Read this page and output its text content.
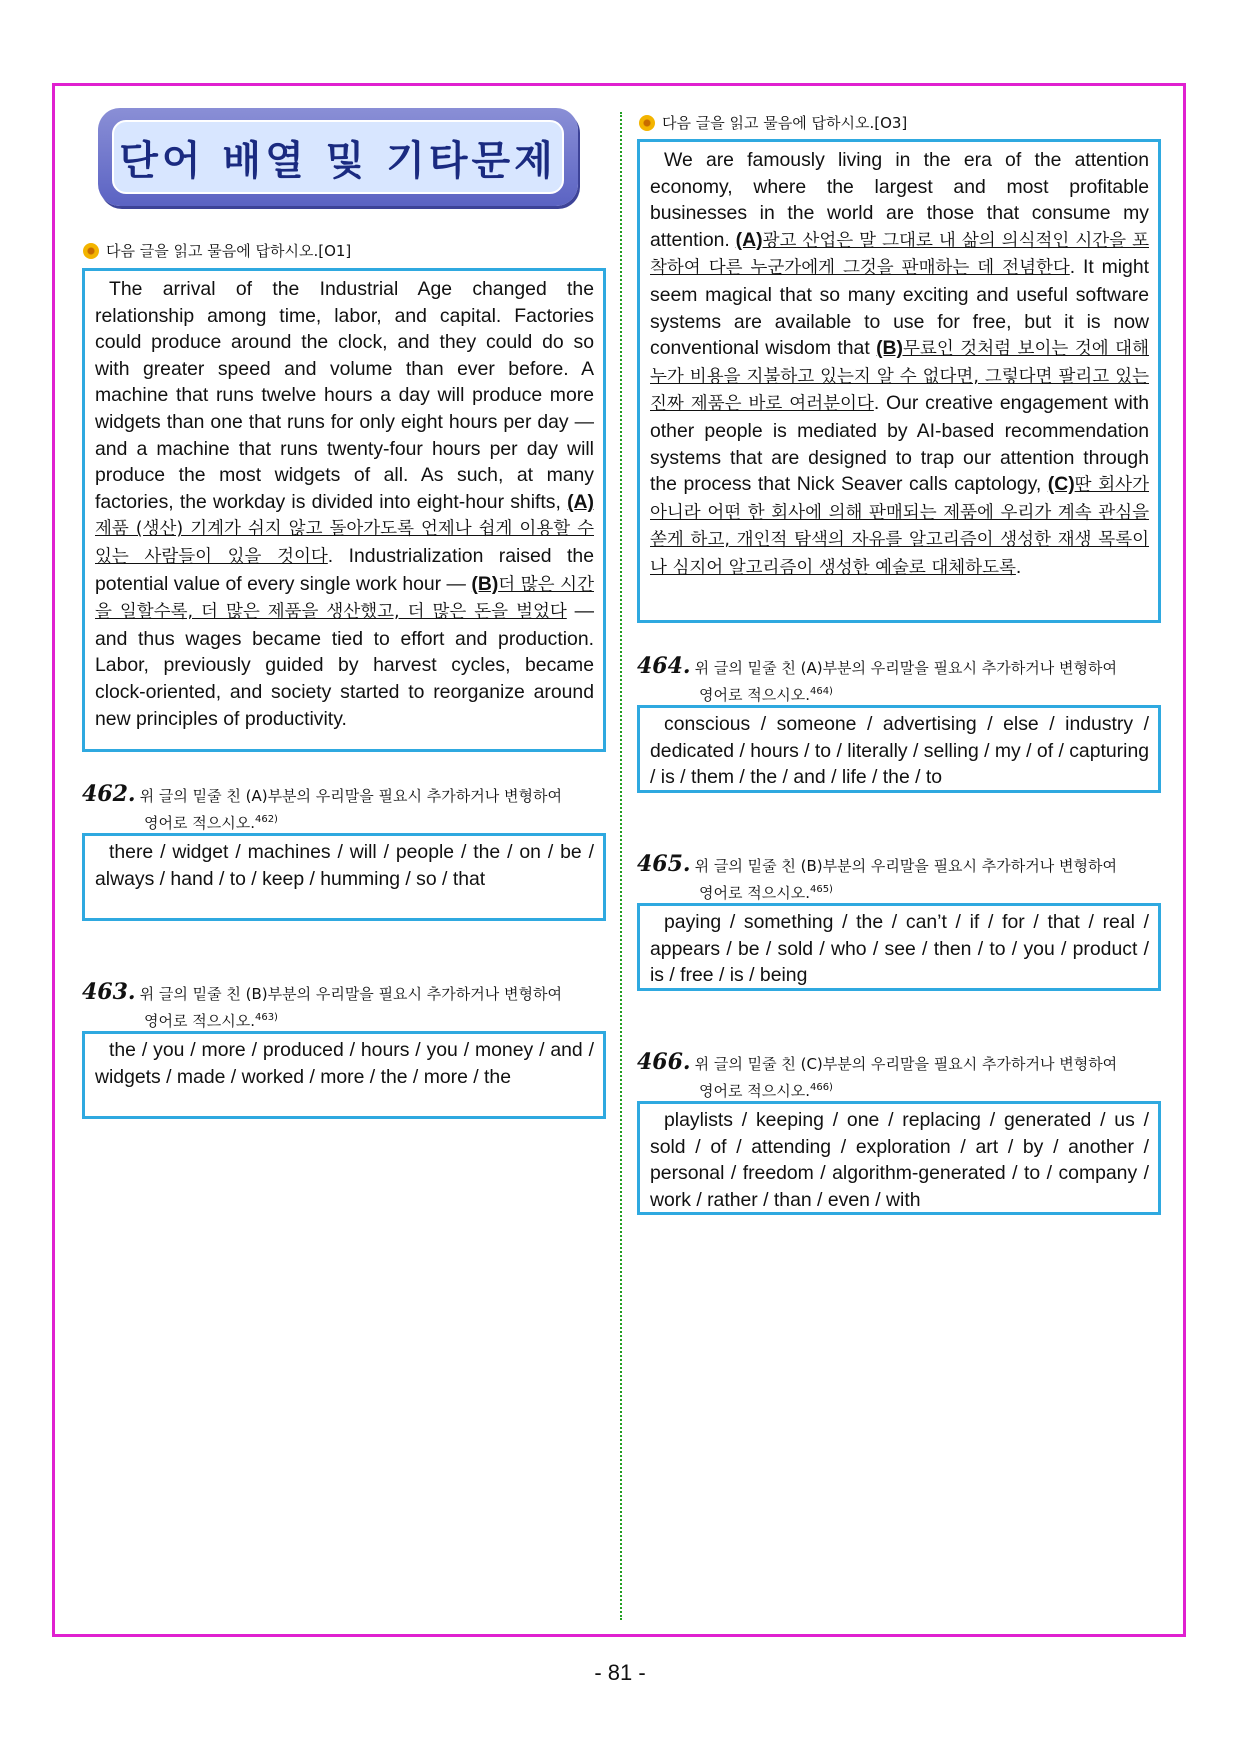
단어 배열 및 기타문제
다음 글을 읽고 물음에 답하시오.[O1]

The arrival of the Industrial Age changed the relationship among time, labor, and capital. Factories could produce around the clock, and they could do so with greater speed and volume than ever before. A machine that runs twelve hours a day will produce more widgets than one that runs for only eight hours per day — and a machine that runs twenty-four hours per day will produce the most widgets of all. As such, at many factories, the workday is divided into eight-hour shifts, (A)제품 (생산) 기계가 쉬지 않고 돌아가도록 언제나 쉽게 이용할 수 있는 사람들이 있을 것이다. Industrialization raised the potential value of every single work hour — (B)더 많은 시간을 일할수록, 더 많은 제품을 생산했고, 더 많은 돈을 벌었다 — and thus wages became tied to effort and production. Labor, previously guided by harvest cycles, became clock-oriented, and society started to reorganize around new principles of productivity.

462. 위 글의 밑줄 친 (A)부분의 우리말을 필요시 추가하거나 변형하여
영어로 적으시오.$^{462)}$

there / widget / machines / will / people / the / on / be / always / hand / to / keep / humming / so / that

463. 위 글의 밑줄 친 (B)부분의 우리말을 필요시 추가하거나 변형하여
영어로 적으시오.$^{463)}$

the / you / more / produced / hours / you / money / and / widgets / made / worked / more / the / more / the

다음 글을 읽고 물음에 답하시오.[O3]

We are famously living in the era of the attention economy, where the largest and most profitable businesses in the world are those that consume my attention. (A)광고 산업은 말 그대로 내 삶의 의식적인 시간을 포착하여 다른 누군가에게 그것을 판매하는 데 전념한다. It might seem magical that so many exciting and useful software systems are available to use for free, but it is now conventional wisdom that (B)무료인 것처럼 보이는 것에 대해 누가 비용을 지불하고 있는지 알 수 없다면, 그렇다면 팔리고 있는 진짜 제품은 바로 여러분이다. Our creative engagement with other people is mediated by AI-based recommendation systems that are designed to trap our attention through the process that Nick Seaver calls captology, (C)딴 회사가 아니라 어떤 한 회사에 의해 판매되는 제품에 우리가 계속 관심을 쏟게 하고, 개인적 탐색의 자유를 알고리즘이 생성한 재생 목록이나 심지어 알고리즘이 생성한 예술로 대체하도록.

464. 위 글의 밑줄 친 (A)부분의 우리말을 필요시 추가하거나 변형하여
영어로 적으시오.$^{464)}$

conscious / someone / advertising / else / industry / dedicated / hours / to / literally / selling / my / of / capturing / is / them / the / and / life / the / to

465. 위 글의 밑줄 친 (B)부분의 우리말을 필요시 추가하거나 변형하여
영어로 적으시오.$^{465)}$

paying / something / the / can’t / if / for / that / real / appears / be / sold / who / see / then / to / you / product / is / free / is / being

466. 위 글의 밑줄 친 (C)부분의 우리말을 필요시 추가하거나 변형하여
영어로 적으시오.$^{466)}$

playlists / keeping / one / replacing / generated / us / sold / of / attending / exploration / art / by / another / personal / freedom / algorithm-generated / to / company / work / rather / than / even / with

- 81 -
